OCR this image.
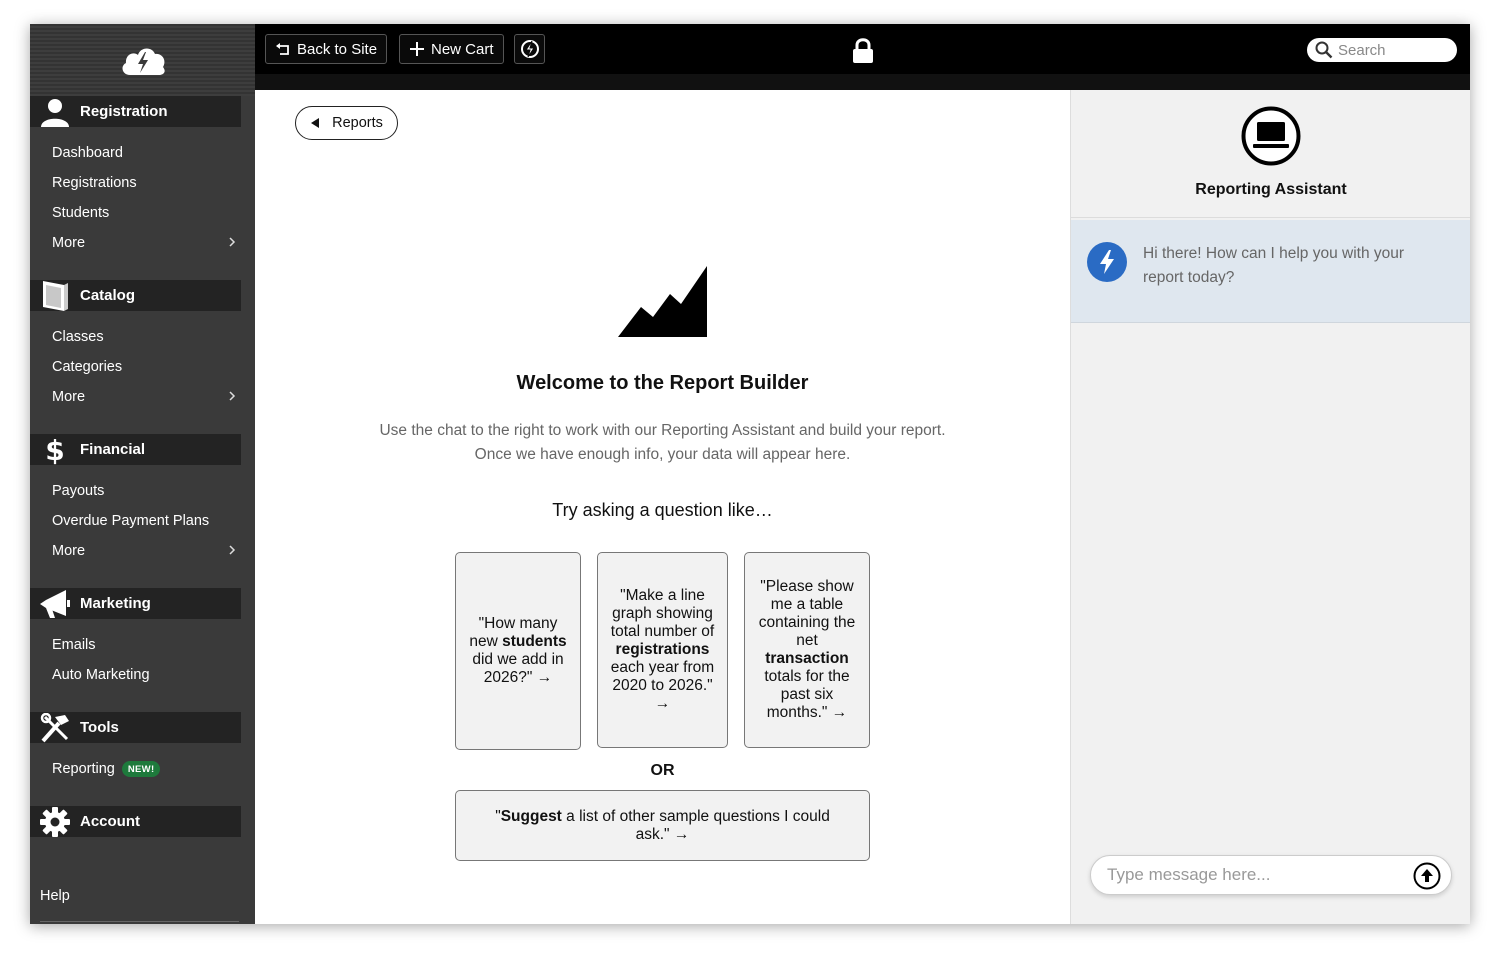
Registration
Dashboard
Registrations
Students
More
Catalog
Classes
Categories
More
$ Financial
Payouts
Overdue Payment Plans
More
Marketing
Emails
Auto Marketing
Tools
Reporting	NEW!
Account
Help
Back to Site	New Cart	Search
Reports
Welcome to the Report Builder
Use the chat to the right to work with our Reporting Assistant and build your report.
Once we have enough info, your data will appear here.
Try asking a question like…
"How many new students did we add in 2026?" →
"Make a line graph showing total number of registrations each year from 2020 to 2026." →
"Please show me a table containing the net transaction totals for the past six months." →
OR
"Suggest a list of other sample questions I could ask." →
Reporting Assistant
Hi there! How can I help you with your report today?
Type message here...
